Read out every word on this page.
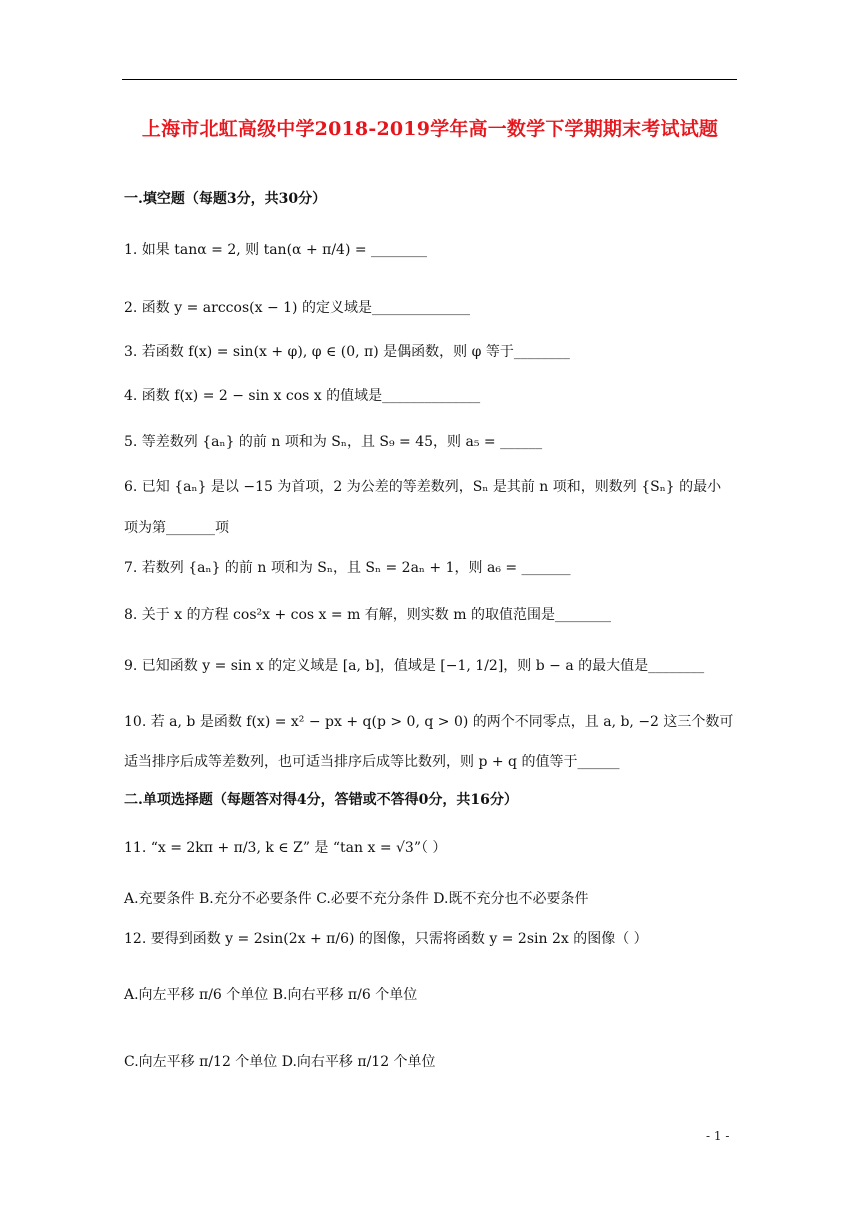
上海市北虹高级中学2018-2019学年高一数学下学期期末考试试题
一.填空题（每题3分，共30分）
1. 如果 tanα = 2, 则 tan(α + π/4) = ________
2. 函数 y = arccos(x − 1) 的定义域是______________
3. 若函数 f(x) = sin(x + φ), φ ∈ (0, π) 是偶函数，则 φ 等于________
4. 函数 f(x) = 2 − sin x cos x 的值域是______________
5. 等差数列 {aₙ} 的前 n 项和为 Sₙ，且 S₉ = 45，则 a₅ = ______
6. 已知 {aₙ} 是以 −15 为首项，2 为公差的等差数列，Sₙ 是其前 n 项和，则数列 {Sₙ} 的最小
项为第_______项
7. 若数列 {aₙ} 的前 n 项和为 Sₙ，且 Sₙ = 2aₙ + 1，则 a₆ = _______
8. 关于 x 的方程 cos²x + cos x = m 有解，则实数 m 的取值范围是________
9. 已知函数 y = sin x 的定义域是 [a, b]，值域是 [−1, 1/2]，则 b − a 的最大值是________
10. 若 a, b 是函数 f(x) = x² − px + q(p > 0, q > 0) 的两个不同零点，且 a, b, −2 这三个数可
适当排序后成等差数列，也可适当排序后成等比数列，则 p + q 的值等于______
二.单项选择题（每题答对得4分，答错或不答得0分，共16分）
11. “x = 2kπ + π/3, k ∈ Z” 是 “tan x = √3”（ ）
A.充要条件 B.充分不必要条件 C.必要不充分条件 D.既不充分也不必要条件
12. 要得到函数 y = 2sin(2x + π/6) 的图像，只需将函数 y = 2sin 2x 的图像（ ）
A.向左平移 π/6 个单位 B.向右平移 π/6 个单位
C.向左平移 π/12 个单位 D.向右平移 π/12 个单位
- 1 -
